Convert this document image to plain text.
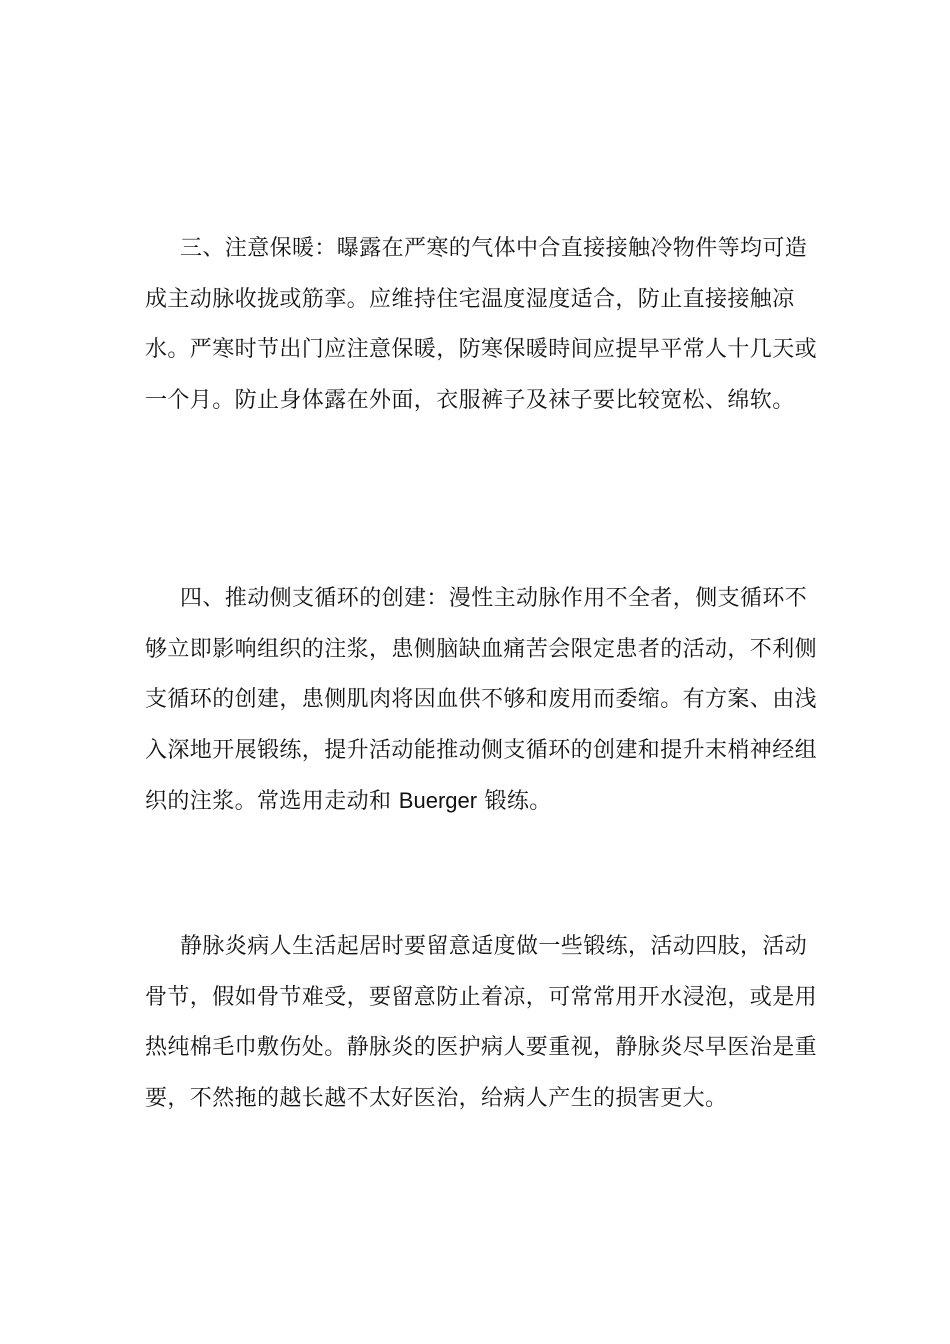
三、注意保暖：曝露在严寒的气体中合直接接触冷物件等均可造成主动脉收拢或筋挛。应维持住宅温度湿度适合，防止直接接触凉水。严寒时节出门应注意保暖，防寒保暖時间应提早平常人十几天或一个月。防止身体露在外面，衣服裤子及袜子要比较宽松、绵软。

四、推动侧支循环的创建：漫性主动脉作用不全者，侧支循环不够立即影响组织的注浆，患侧脑缺血痛苦会限定患者的活动，不利侧支循环的创建，患侧肌肉将因血供不够和废用而委缩。有方案、由浅入深地开展锻练，提升活动能推动侧支循环的创建和提升末梢神经组织的注浆。常选用走动和 Buerger 锻练。

静脉炎病人生活起居时要留意适度做一些锻练，活动四肢，活动骨节，假如骨节难受，要留意防止着凉，可常常用开水浸泡，或是用热纯棉毛巾敷伤处。静脉炎的医护病人要重视，静脉炎尽早医治是重要，不然拖的越长越不太好医治，给病人产生的损害更大。
